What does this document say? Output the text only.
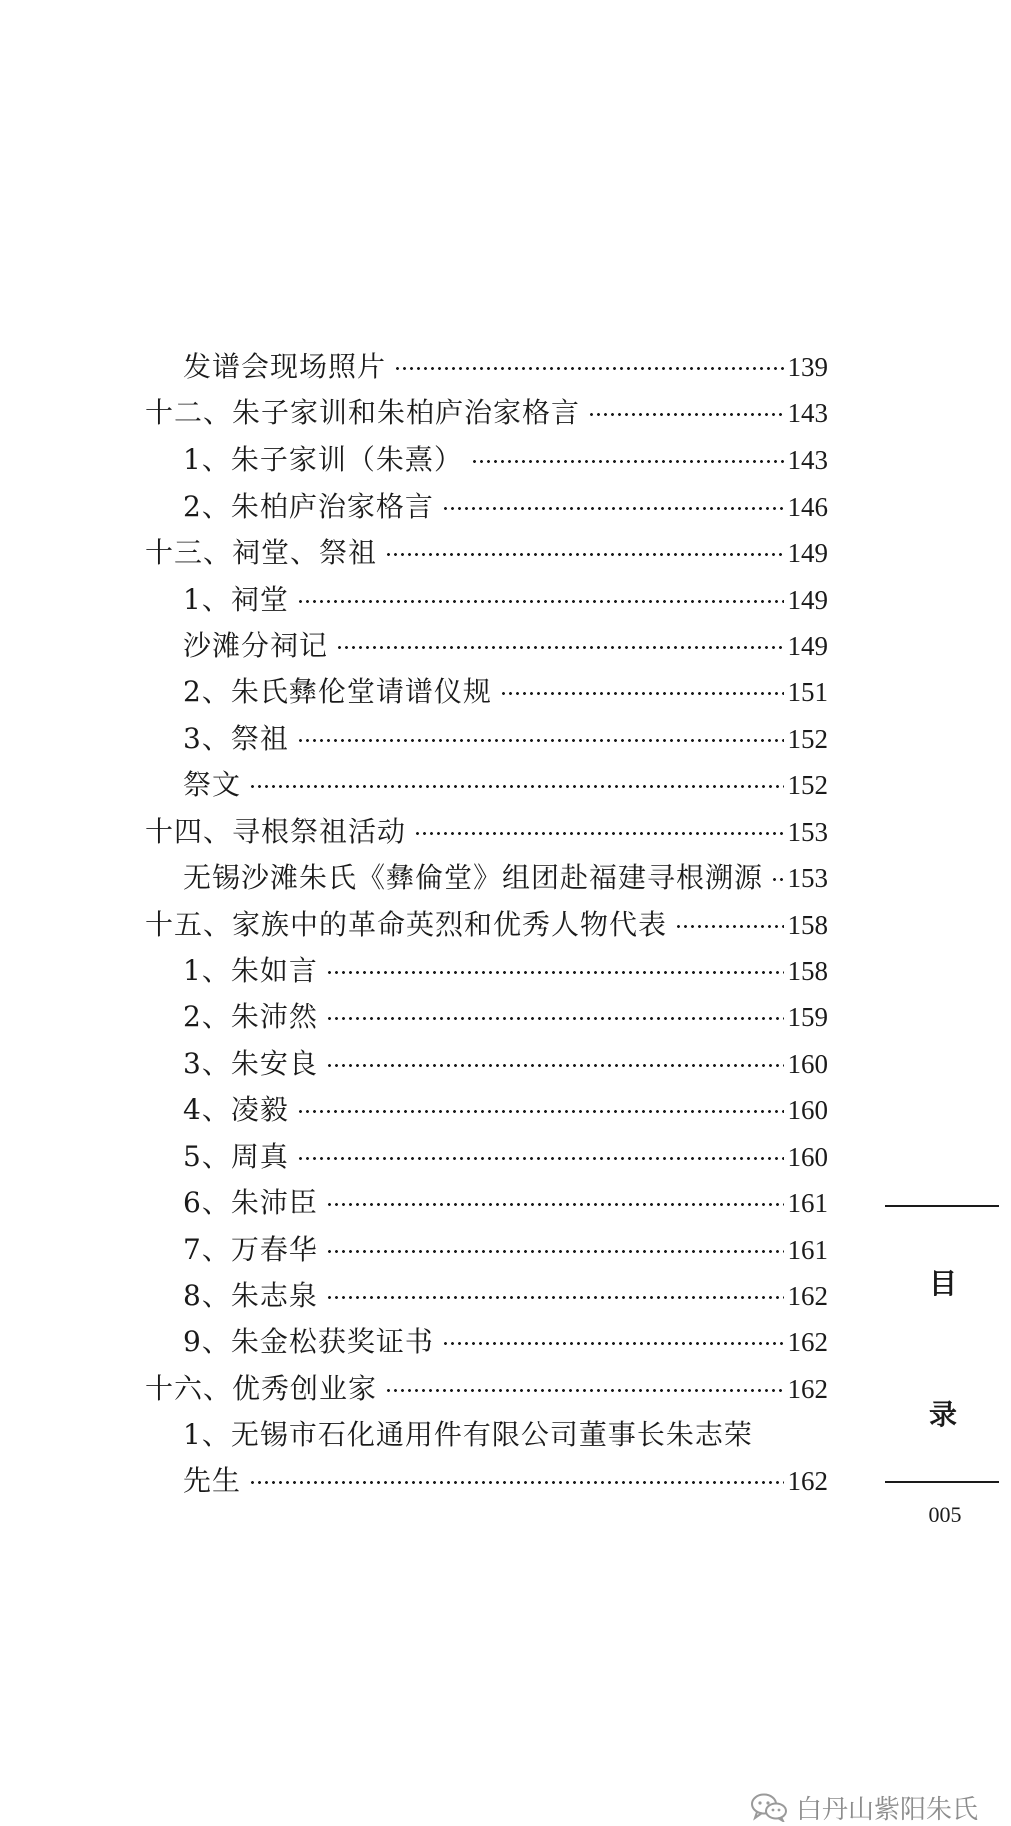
发谱会现场照片	139
十二、朱子家训和朱柏庐治家格言	143
1、朱子家训（朱熹）	143
2、朱柏庐治家格言	146
十三、祠堂、祭祖	149
1、祠堂	149
沙滩分祠记	149
2、朱氏彝伦堂请谱仪规	151
3、祭祖	152
祭文	152
十四、寻根祭祖活动	153
无锡沙滩朱氏《彝倫堂》组团赴福建寻根溯源 153
十五、家族中的革命英烈和优秀人物代表	158
1、朱如言	158
2、朱沛然	159
3、朱安良	160
4、凌毅	160
5、周真	160
6、朱沛臣	161
7、万春华	161
8、朱志泉	162
9、朱金松获奖证书	162
十六、优秀创业家	162
1、无锡市石化通用件有限公司董事长朱志荣
先生	162
目
录
005
白丹山紫阳朱氏
